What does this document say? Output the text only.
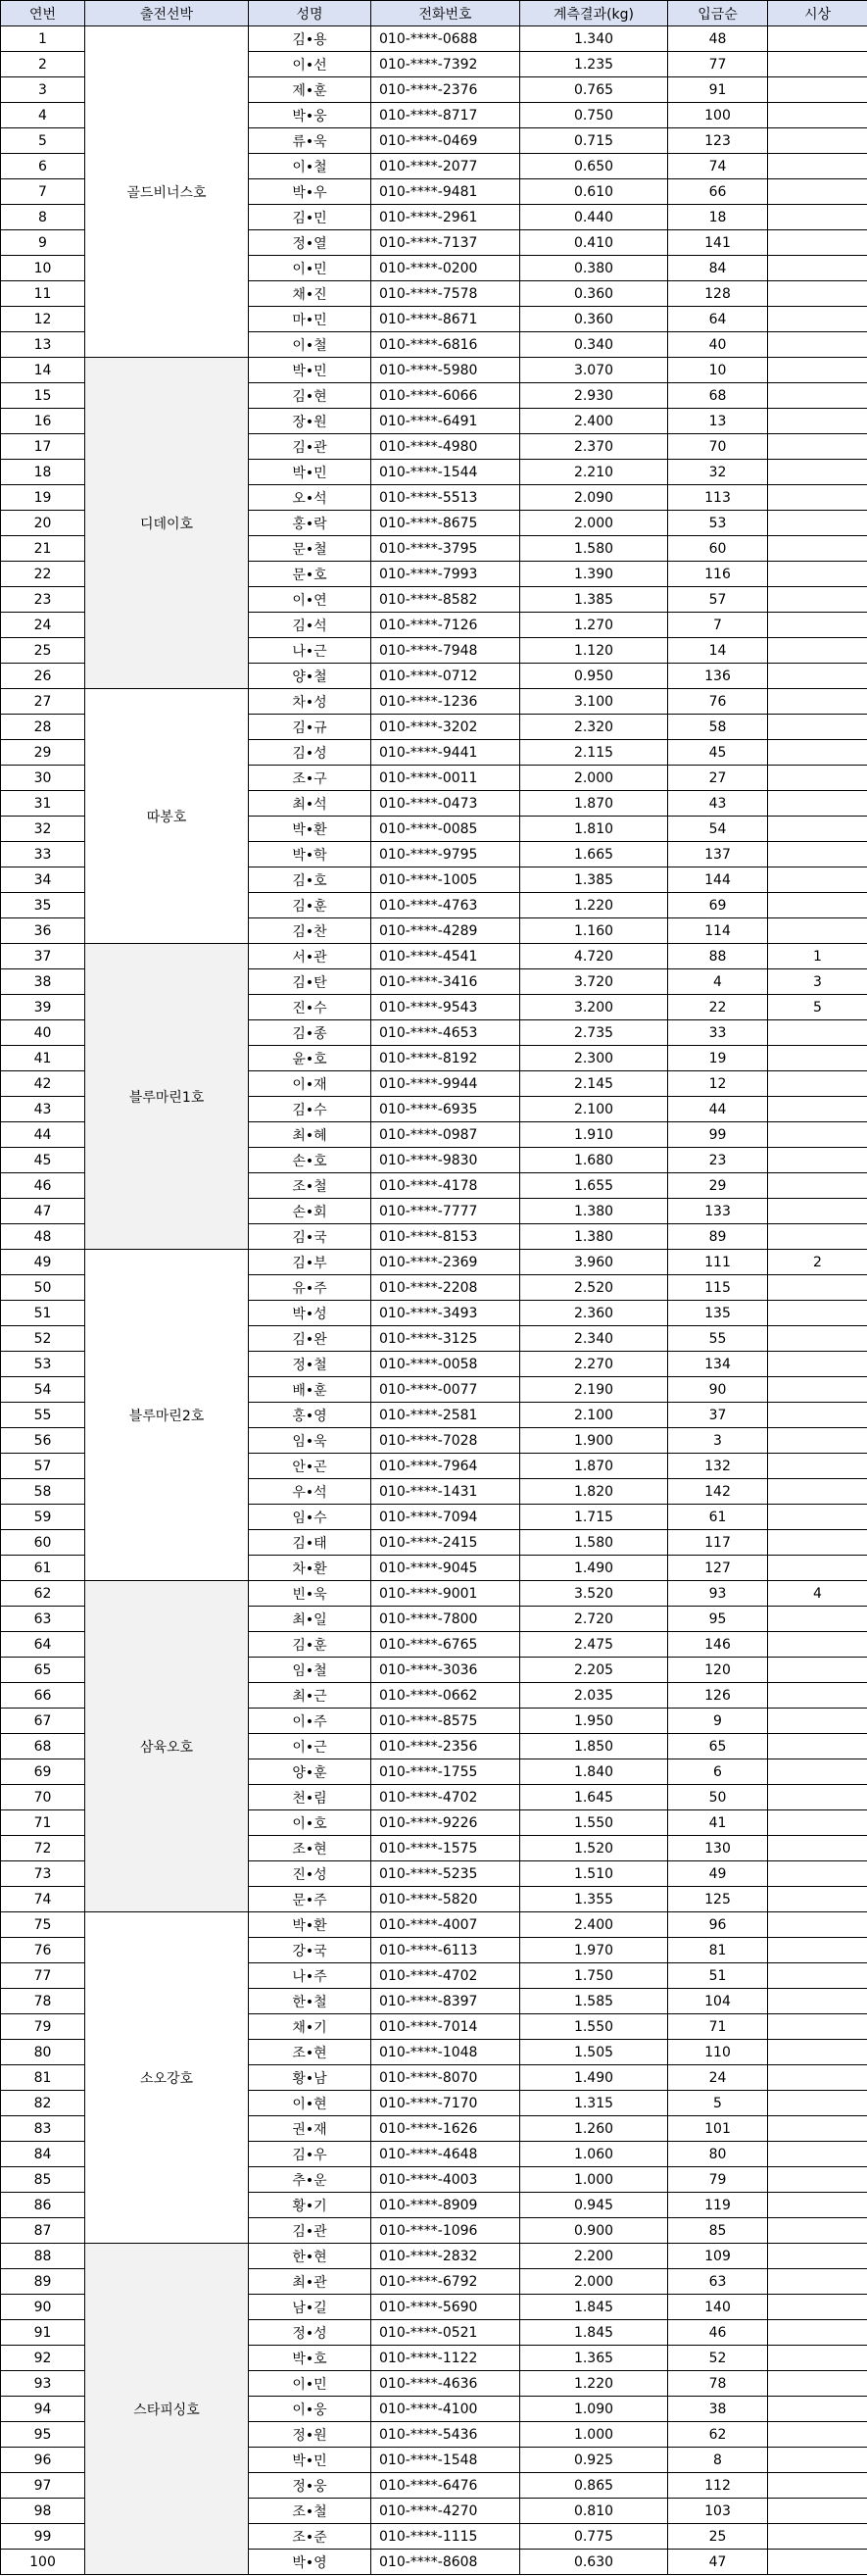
연번	출전선박	성명	전화번호	계측결과(kg)	입금순	시상
1	골드비너스호	김•용	010-****-0688	1.340	48	
2		이•선	010-****-7392	1.235	77	
3		제•훈	010-****-2376	0.765	91	
4		박•웅	010-****-8717	0.750	100	
5		류•욱	010-****-0469	0.715	123	
6		이•철	010-****-2077	0.650	74	
7		박•우	010-****-9481	0.610	66	
8		김•민	010-****-2961	0.440	18	
9		정•열	010-****-7137	0.410	141	
10		이•민	010-****-0200	0.380	84	
11		채•진	010-****-7578	0.360	128	
12		마•민	010-****-8671	0.360	64	
13		이•철	010-****-6816	0.340	40	
14	디데이호	박•민	010-****-5980	3.070	10	
15		김•현	010-****-6066	2.930	68	
16		장•원	010-****-6491	2.400	13	
17		김•관	010-****-4980	2.370	70	
18		박•민	010-****-1544	2.210	32	
19		오•석	010-****-5513	2.090	113	
20		홍•락	010-****-8675	2.000	53	
21		문•철	010-****-3795	1.580	60	
22		문•호	010-****-7993	1.390	116	
23		이•연	010-****-8582	1.385	57	
24		김•석	010-****-7126	1.270	7	
25		나•근	010-****-7948	1.120	14	
26		양•철	010-****-0712	0.950	136	
27	따봉호	차•성	010-****-1236	3.100	76	
28		김•규	010-****-3202	2.320	58	
29		김•성	010-****-9441	2.115	45	
30		조•구	010-****-0011	2.000	27	
31		최•석	010-****-0473	1.870	43	
32		박•환	010-****-0085	1.810	54	
33		박•학	010-****-9795	1.665	137	
34		김•호	010-****-1005	1.385	144	
35		김•훈	010-****-4763	1.220	69	
36		김•찬	010-****-4289	1.160	114	
37	블루마린1호	서•관	010-****-4541	4.720	88	1
38		김•탄	010-****-3416	3.720	4	3
39		진•수	010-****-9543	3.200	22	5
40		김•종	010-****-4653	2.735	33	
41		윤•호	010-****-8192	2.300	19	
42		이•재	010-****-9944	2.145	12	
43		김•수	010-****-6935	2.100	44	
44		최•혜	010-****-0987	1.910	99	
45		손•호	010-****-9830	1.680	23	
46		조•철	010-****-4178	1.655	29	
47		손•회	010-****-7777	1.380	133	
48		김•국	010-****-8153	1.380	89	
49	블루마린2호	김•부	010-****-2369	3.960	111	2
50		유•주	010-****-2208	2.520	115	
51		박•성	010-****-3493	2.360	135	
52		김•완	010-****-3125	2.340	55	
53		정•철	010-****-0058	2.270	134	
54		배•훈	010-****-0077	2.190	90	
55		홍•영	010-****-2581	2.100	37	
56		임•욱	010-****-7028	1.900	3	
57		안•곤	010-****-7964	1.870	132	
58		우•석	010-****-1431	1.820	142	
59		임•수	010-****-7094	1.715	61	
60		김•태	010-****-2415	1.580	117	
61		차•환	010-****-9045	1.490	127	
62	삼육오호	빈•욱	010-****-9001	3.520	93	4
63		최•일	010-****-7800	2.720	95	
64		김•훈	010-****-6765	2.475	146	
65		임•철	010-****-3036	2.205	120	
66		최•근	010-****-0662	2.035	126	
67		이•주	010-****-8575	1.950	9	
68		이•근	010-****-2356	1.850	65	
69		양•훈	010-****-1755	1.840	6	
70		천•림	010-****-4702	1.645	50	
71		이•호	010-****-9226	1.550	41	
72		조•현	010-****-1575	1.520	130	
73		진•성	010-****-5235	1.510	49	
74		문•주	010-****-5820	1.355	125	
75	소오강호	박•환	010-****-4007	2.400	96	
76		강•국	010-****-6113	1.970	81	
77		나•주	010-****-4702	1.750	51	
78		한•철	010-****-8397	1.585	104	
79		채•기	010-****-7014	1.550	71	
80		조•현	010-****-1048	1.505	110	
81		황•남	010-****-8070	1.490	24	
82		이•현	010-****-7170	1.315	5	
83		권•재	010-****-1626	1.260	101	
84		김•우	010-****-4648	1.060	80	
85		추•운	010-****-4003	1.000	79	
86		황•기	010-****-8909	0.945	119	
87		김•관	010-****-1096	0.900	85	
88	스타피싱호	한•현	010-****-2832	2.200	109	
89		최•관	010-****-6792	2.000	63	
90		남•길	010-****-5690	1.845	140	
91		정•성	010-****-0521	1.845	46	
92		박•호	010-****-1122	1.365	52	
93		이•민	010-****-4636	1.220	78	
94		이•웅	010-****-4100	1.090	38	
95		정•원	010-****-5436	1.000	62	
96		박•민	010-****-1548	0.925	8	
97		정•웅	010-****-6476	0.865	112	
98		조•철	010-****-4270	0.810	103	
99		조•준	010-****-1115	0.775	25	
100		박•영	010-****-8608	0.630	47	
